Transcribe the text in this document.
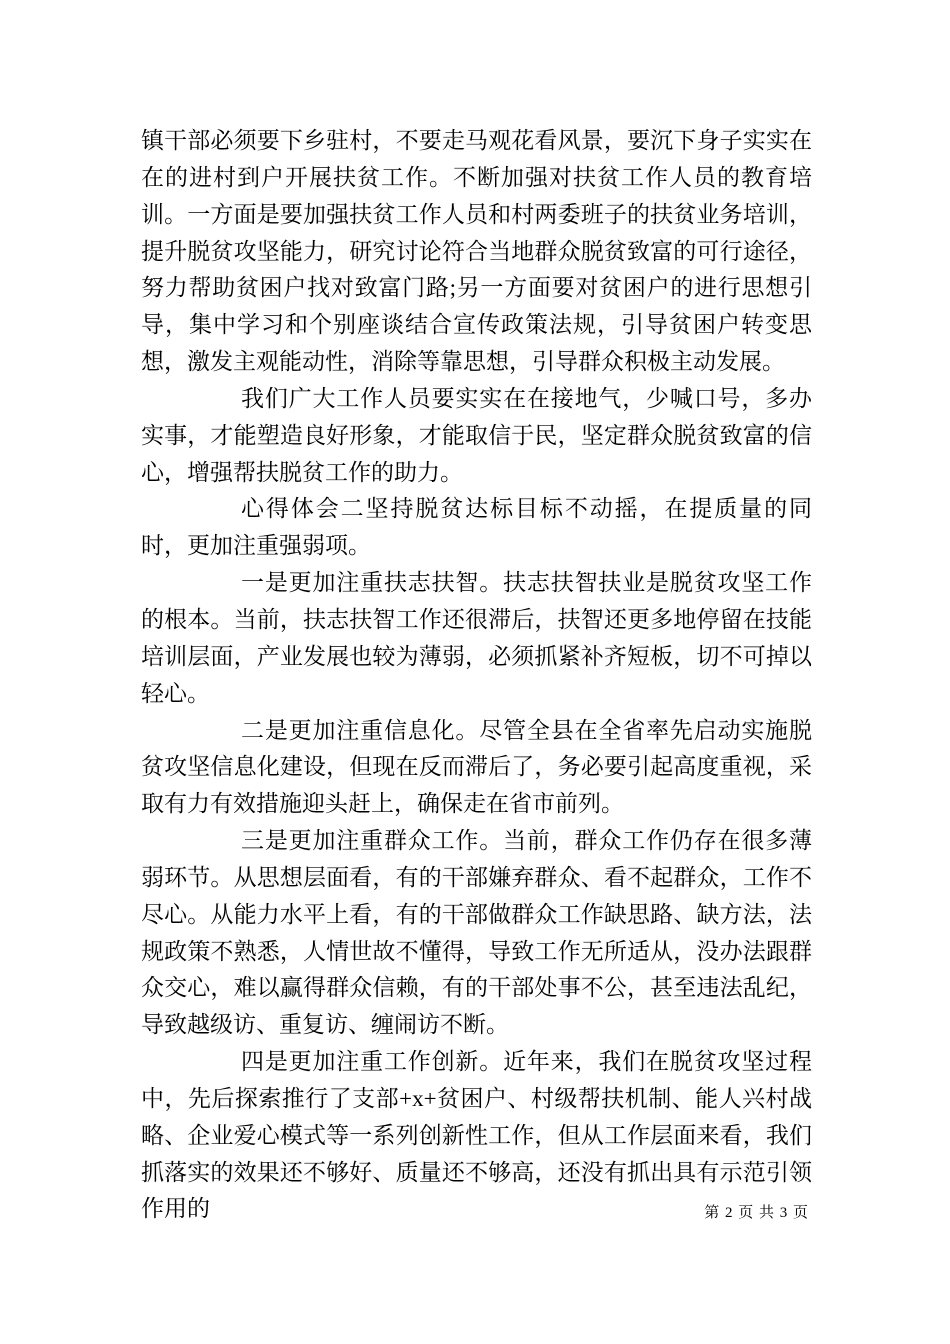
镇干部必须要下乡驻村，不要走马观花看风景，要沉下身子实实在在的进村到户开展扶贫工作。不断加强对扶贫工作人员的教育培训。一方面是要加强扶贫工作人员和村两委班子的扶贫业务培训，提升脱贫攻坚能力，研究讨论符合当地群众脱贫致富的可行途径，努力帮助贫困户找对致富门路;另一方面要对贫困户的进行思想引导，集中学习和个别座谈结合宣传政策法规，引导贫困户转变思想，激发主观能动性，消除等靠思想，引导群众积极主动发展。

我们广大工作人员要实实在在接地气，少喊口号，多办实事，才能塑造良好形象，才能取信于民，坚定群众脱贫致富的信心，增强帮扶脱贫工作的助力。

心得体会二坚持脱贫达标目标不动摇，在提质量的同时，更加注重强弱项。

一是更加注重扶志扶智。扶志扶智扶业是脱贫攻坚工作的根本。当前，扶志扶智工作还很滞后，扶智还更多地停留在技能培训层面，产业发展也较为薄弱，必须抓紧补齐短板，切不可掉以轻心。

二是更加注重信息化。尽管全县在全省率先启动实施脱贫攻坚信息化建设，但现在反而滞后了，务必要引起高度重视，采取有力有效措施迎头赶上，确保走在省市前列。

三是更加注重群众工作。当前，群众工作仍存在很多薄弱环节。从思想层面看，有的干部嫌弃群众、看不起群众，工作不尽心。从能力水平上看，有的干部做群众工作缺思路、缺方法，法规政策不熟悉，人情世故不懂得，导致工作无所适从，没办法跟群众交心，难以赢得群众信赖，有的干部处事不公，甚至违法乱纪，导致越级访、重复访、缠闹访不断。

四是更加注重工作创新。近年来，我们在脱贫攻坚过程中，先后探索推行了支部+x+贫困户、村级帮扶机制、能人兴村战略、企业爱心模式等一系列创新性工作，但从工作层面来看，我们抓落实的效果还不够好、质量还不够高，还没有抓出具有示范引领作用的	第 2 页 共 3 页
